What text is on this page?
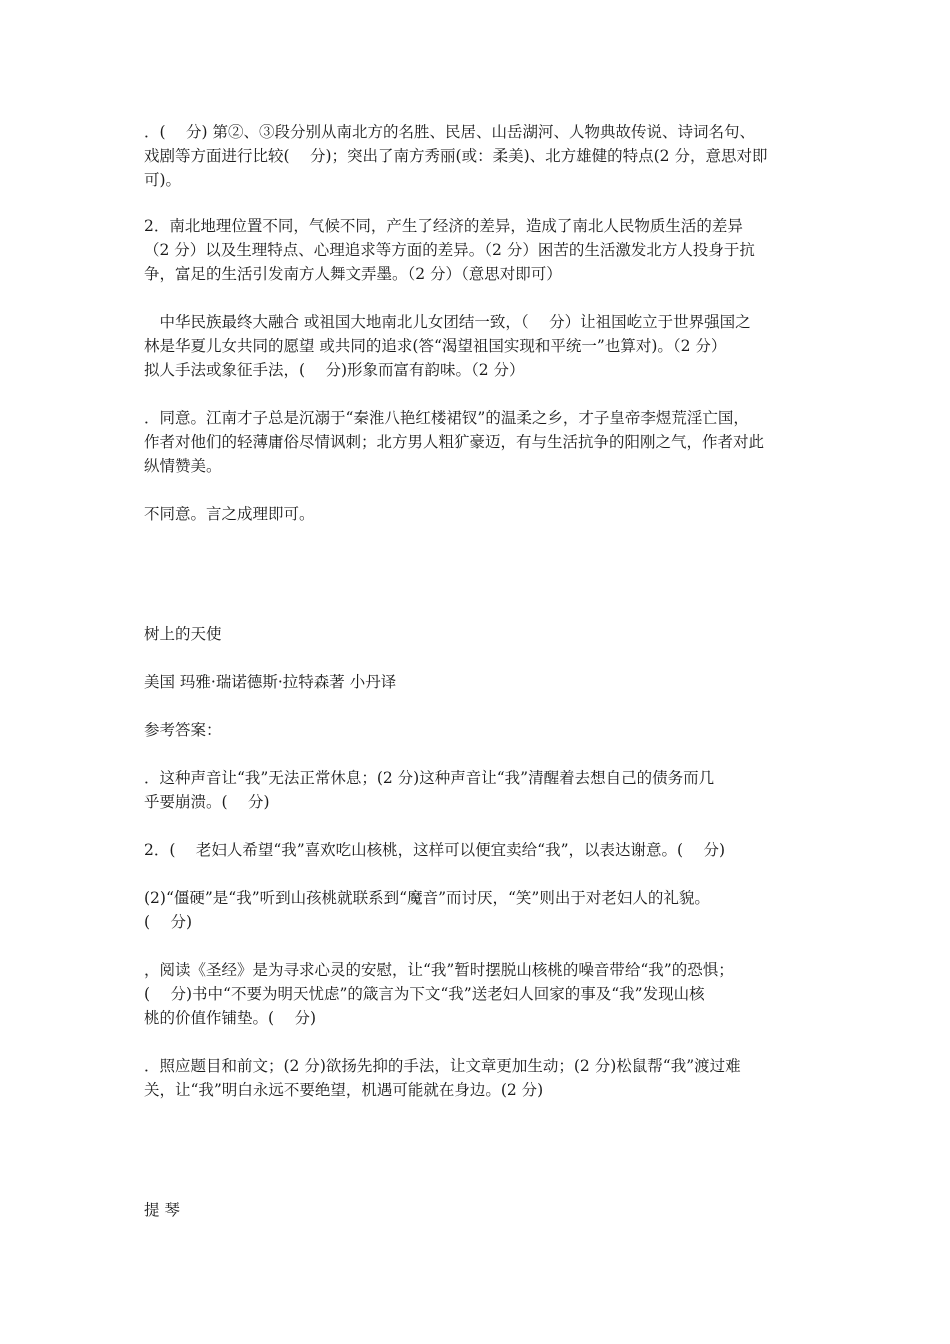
．( 　分) 第②、③段分别从南北方的名胜、民居、山岳湖河、人物典故传说、诗词名句、
戏剧等方面进行比较( 　分)；突出了南方秀丽(或：柔美)、北方雄健的特点(2 分，意思对即
可)。
2．南北地理位置不同，气候不同，产生了经济的差异，造成了南北人民物质生活的差异
（2 分）以及生理特点、心理追求等方面的差异。（2 分）困苦的生活激发北方人投身于抗
争，富足的生活引发南方人舞文弄墨。（2 分）（意思对即可）
　中华民族最终大融合 或祖国大地南北儿女团结一致，（ 　分）让祖国屹立于世界强国之
林是华夏儿女共同的愿望 或共同的追求(答“渴望祖国实现和平统一”也算对)。（2 分）
拟人手法或象征手法，( 　分)形象而富有韵味。（2 分）
．同意。江南才子总是沉溺于“秦淮八艳红楼裙钗”的温柔之乡，才子皇帝李煜荒淫亡国，
作者对他们的轻薄庸俗尽情讽刺；北方男人粗犷豪迈，有与生活抗争的阳刚之气，作者对此
纵情赞美。
不同意。言之成理即可。
树上的天使
美国 玛雅·瑞诺德斯·拉特森著 小丹译
参考答案：
．这种声音让“我”无法正常休息；(2 分)这种声音让“我”清醒着去想自己的债务而几
乎要崩溃。( 　分)
2．( 　老妇人希望“我”喜欢吃山核桃，这样可以便宜卖给“我”，以表达谢意。( 　分)
(2)“僵硬”是“我”听到山孩桃就联系到“魔音”而讨厌，“笑”则出于对老妇人的礼貌。
( 　分)
，阅读《圣经》是为寻求心灵的安慰，让“我”暂时摆脱山核桃的噪音带给“我”的恐惧；
( 　分)书中“不要为明天忧虑”的箴言为下文“我”送老妇人回家的事及“我”发现山核
桃的价值作铺垫。( 　分)
．照应题目和前文；(2 分)欲扬先抑的手法，让文章更加生动；(2 分)松鼠帮“我”渡过难
关，让“我”明白永远不要绝望，机遇可能就在身边。(2 分)
提 琴
